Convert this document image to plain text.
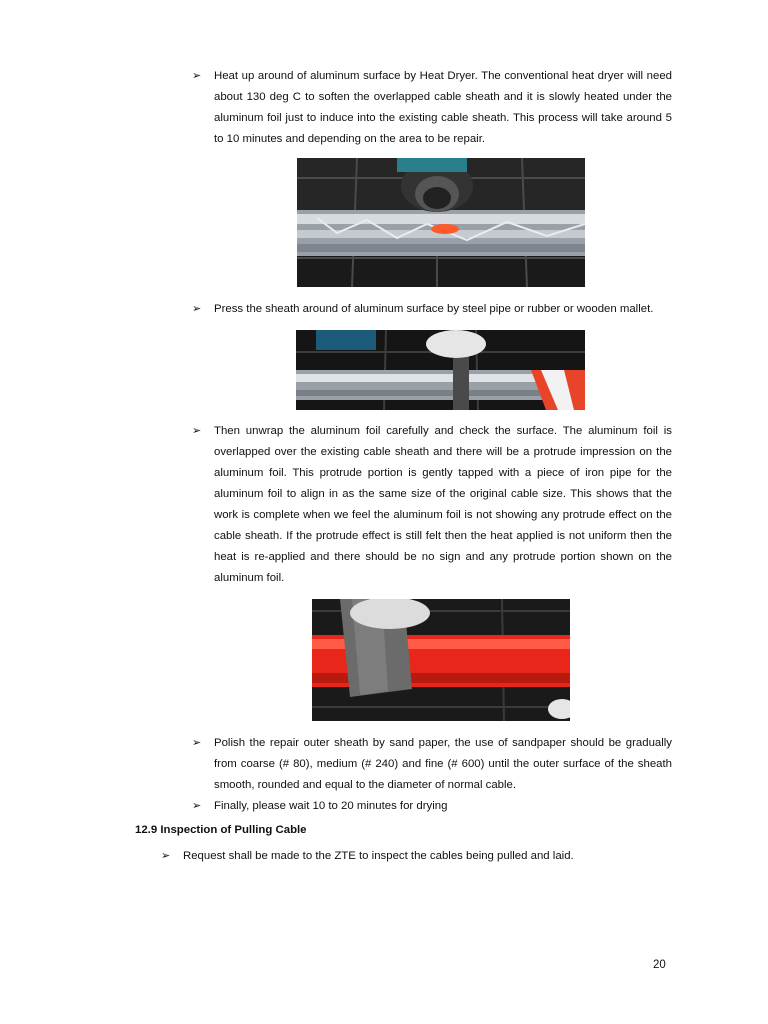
➢	Heat up around of aluminum surface by Heat Dryer. The conventional heat dryer will need about 130 deg C to soften the overlapped cable sheath and it is slowly heated under the aluminum foil just to induce into the existing cable sheath. This process will take around 5 to 10 minutes and depending on the area to be repair.
➢	Press the sheath around of aluminum surface by steel pipe or rubber or wooden mallet.
➢	Then unwrap the aluminum foil carefully and check the surface. The aluminum foil is overlapped over the existing cable sheath and there will be a protrude impression on the aluminum foil. This protrude portion is gently tapped with a piece of iron pipe for the aluminum foil to align in as the same size of the original cable size. This shows that the work is complete when we feel the aluminum foil is not showing any protrude effect on the cable sheath. If the protrude effect is still felt then the heat applied is not uniform then the heat is re-applied and there should be no sign and any protrude portion shown on the aluminum foil.
➢	Polish the repair outer sheath by sand paper, the use of sandpaper should be gradually from coarse (# 80), medium (# 240) and fine (# 600) until the outer surface of the sheath smooth, rounded and equal to the diameter of normal cable.
➢	Finally, please wait 10 to 20 minutes for drying
12.9 Inspection of Pulling Cable
➢	Request shall be made to the ZTE to inspect the cables being pulled and laid.
20
